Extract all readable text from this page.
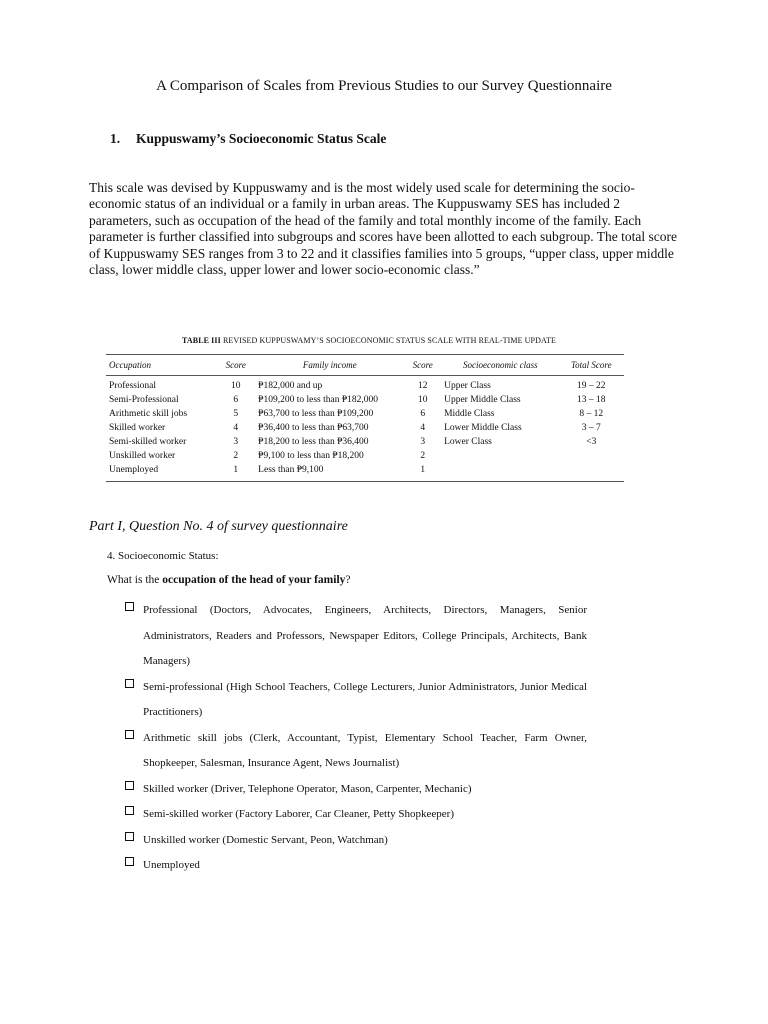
A Comparison of Scales from Previous Studies to our Survey Questionnaire
1. Kuppuswamy’s Socioeconomic Status Scale
This scale was devised by Kuppuswamy and is the most widely used scale for determining the socio-economic status of an individual or a family in urban areas. The Kuppuswamy SES has included 2 parameters, such as occupation of the head of the family and total monthly income of the family. Each parameter is further classified into subgroups and scores have been allotted to each subgroup. The total score of Kuppuswamy SES ranges from 3 to 22 and it classifies families into 5 groups, “upper class, upper middle class, lower middle class, upper lower and lower socio-economic class.”
TABLE III REVISED KUPPUSWAMY’S SOCIOECONOMIC STATUS SCALE WITH REAL-TIME UPDATE
Occupation	Score	Family income	Score	Socioeconomic class	Total Score
Professional	10	₱182,000 and up	12	Upper Class	19 – 22
Semi-Professional	6	₱109,200 to less than ₱182,000	10	Upper Middle Class	13 – 18
Arithmetic skill jobs	5	₱63,700 to less than ₱109,200	6	Middle Class	8 – 12
Skilled worker	4	₱36,400 to less than ₱63,700	4	Lower Middle Class	3 – 7
Semi-skilled worker	3	₱18,200 to less than ₱36,400	3	Lower Class	<3
Unskilled worker	2	₱9,100 to less than ₱18,200	2		
Unemployed	1	Less than ₱9,100	1		
Part I, Question No. 4 of survey questionnaire
4. Socioeconomic Status:
What is the occupation of the head of your family?
Professional (Doctors, Advocates, Engineers, Architects, Directors, Managers, Senior Administrators, Readers and Professors, Newspaper Editors, College Principals, Architects, Bank Managers)
Semi-professional (High School Teachers, College Lecturers, Junior Administrators, Junior Medical Practitioners)
Arithmetic skill jobs (Clerk, Accountant, Typist, Elementary School Teacher, Farm Owner, Shopkeeper, Salesman, Insurance Agent, News Journalist)
Skilled worker (Driver, Telephone Operator, Mason, Carpenter, Mechanic)
Semi-skilled worker (Factory Laborer, Car Cleaner, Petty Shopkeeper)
Unskilled worker (Domestic Servant, Peon, Watchman)
Unemployed
